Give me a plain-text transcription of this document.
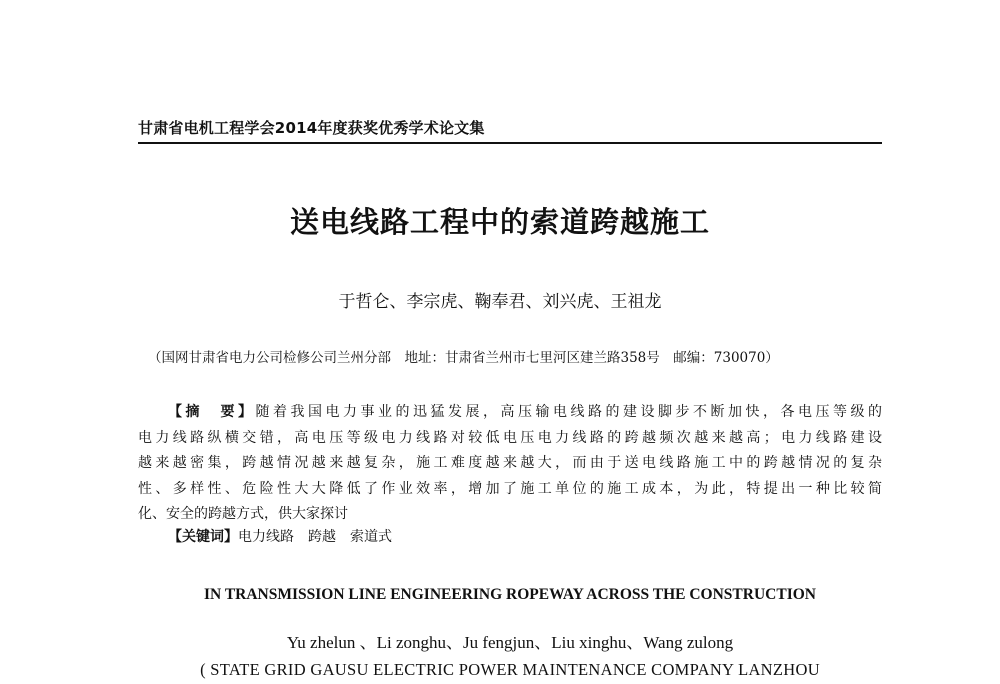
甘肃省电机工程学会2014年度获奖优秀学术论文集
送电线路工程中的索道跨越施工
于哲仑、李宗虎、鞠奉君、刘兴虎、王祖龙
（国网甘肃省电力公司检修公司兰州分部　地址：甘肃省兰州市七里河区建兰路358号　邮编：730070）
【摘　要】随着我国电力事业的迅猛发展，高压输电线路的建设脚步不断加快，各电压等级的
电力线路纵横交错，高电压等级电力线路对较低电压电力线路的跨越频次越来越高；电力线路建设
越来越密集，跨越情况越来越复杂，施工难度越来越大，而由于送电线路施工中的跨越情况的复杂
性、多样性、危险性大大降低了作业效率，增加了施工单位的施工成本，为此，特提出一种比较简
化、安全的跨越方式，供大家探讨
【关键词】电力线路　跨越　索道式
IN TRANSMISSION LINE ENGINEERING ROPEWAY ACROSS THE CONSTRUCTION
Yu zhelun 、Li zonghu、Ju fengjun、Liu xinghu、Wang zulong
( STATE GRID GAUSU ELECTRIC POWER MAINTENANCE COMPANY LANZHOU
